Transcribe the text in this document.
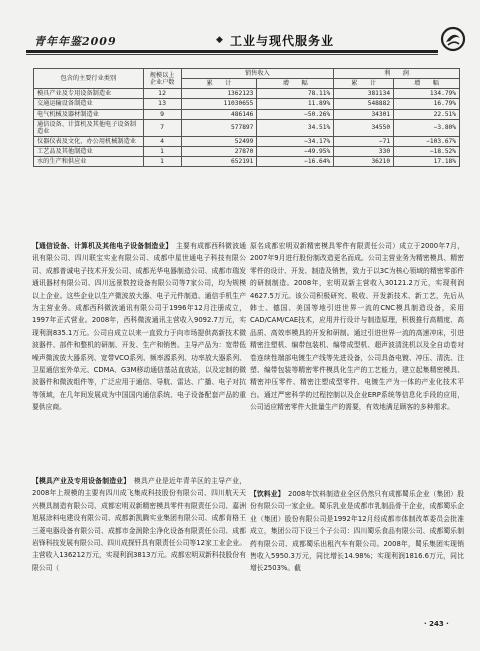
青年年鉴2009	◆ 工业与现代服务业
包含的主要行业类别	规模以上企业户数	销售收入		利　　润	
		累　　计	增　　幅	累　　计	增　　幅
模具产业及专用设备制造业	12	1362123	78.11%	381134	134.79%
交通运输设备制造业	13	11030655	11.89%	548882	16.79%
电气机械及器材制造业	9	486146	−50.26%	34301	22.51%
通信设备、计算机及其他电子设备制造业	7	577897	34.51%	34550	−3.80%
仪器仪表及文化、办公用机械制造业	4	52499	−34.17%	−71	−103.67%
工艺品及其他制造业	1	27870	−49.95%	330	−18.52%
水的生产和供应业	1	652191	−16.64%	36210	17.18%

【通信设备、计算机及其他电子设备制造业】　 主要有成都西科微波通讯有限公司、四川联宝实业有限公司、成都中星世通电子科技有限公司、成都普诚电子技术开发公司、成都光华电器制造公司、成都市瑞发通讯器材有限公司、四川远景数控设备有限公司等7家公司，均为规模以上企业。这些企业以生产微波放大器、电子元件制造、通信手机生产为主营业务。成都西科微波通讯有限公司于1996年12月注册成立，1997年正式营业。2008年，西科微波通讯主营收入9092.7万元，实现利润835.1万元。公司自成立以来一直致力于向市场提供高新技术微波器件、部件和整机的研制、开发、生产和销售。主导产品为：宽带低噪声微波放大器系列、宽带VCO系列、频率源系列、功率放大器系列、卫星通信室外单元、CDMA、G3M移动通信基站直放站，以及定制的微波器件和微波组件等，广泛应用于通信、导航、雷达、广播、电子对抗等领域，在几年间发展成为中国国内通信系统、电子设备配套产品的重要供应商。

【模具产业及专用设备制造业】　 模具产业是近年青羊区的主导产业，2008年上规模的主要有四川成飞集成科技股份有限公司、四川航天天兴模具制造有限公司、成都宏明双新精密模具零件有限责任公司、嘉洲旭展涂料电建设有限公司、成都新凯腾实业集团有限公司、成都肯格王三菱电器设备有限公司、成都市金润除尘净化设备有限责任公司、成都岩锋科技发展有限公司、四川成探钎具有限责任公司等12家工业企业。主营收入136212万元，实现利润3813万元。成都宏明双新科技股份有限公司（

原名成都宏明双新精密模具零件有限责任公司）成立于2000年7月，2007年9月进行股份制改造更名而成。公司主营业务为精密模具、精密零件的设计、开发、制造及销售，致力于以3C为核心领域的精密零部件的研制制造。2008年，宏明双新主营收入30121.2万元，实现利润4627.5万元。该公司积极研究、吸收、开发新技术、新工艺，先后从韩士、德国、美国等地引进世界一流的CNC模具制造设备，采用CAD/CAM/CAE技术，应用并行设计与制造原理，积极推行高精度、高品质、高效率模具的开发和研制。通过引进世界一流的高速冲床，引进精密注塑机、编带包装机、编带成型机、超声波清洗机以及全自动卷对卷连续性端部电镀生产线等先进设备，公司具备电镀、冲压、清洗、注塑、编带包装等精密零件模具化生产的工艺能力，建立起集精密模具、精密冲压零件、精密注塑成型零件、电镀生产为一体的产业化技术平台。通过严密科学的过程控制以及企业ERP系统等信息化手段的应用，公司适应精密零件大批量生产的需要，有效地满足顾客的多种需求。

【饮料业】　 2008年饮料制造业全区仍然只有成都蜀乐企业（集团）股份有限公司一家企业。蜀乐乳业是成都市乳制品骨干企业，成都蜀乐企业（集团）股份有限公司是1992年12月经成都市体制改革委员会批准成立，集团公司下设三个子公司：四川蜀乐食品有限公司、成都蜀乐制药有限公司、成都蜀乐出租汽车有限公司。2008年，蜀乐集团实现销售收入5950.3万元，同比增长14.98%；实现利润1816.6万元，同比增长2503%。截

· 243 ·
